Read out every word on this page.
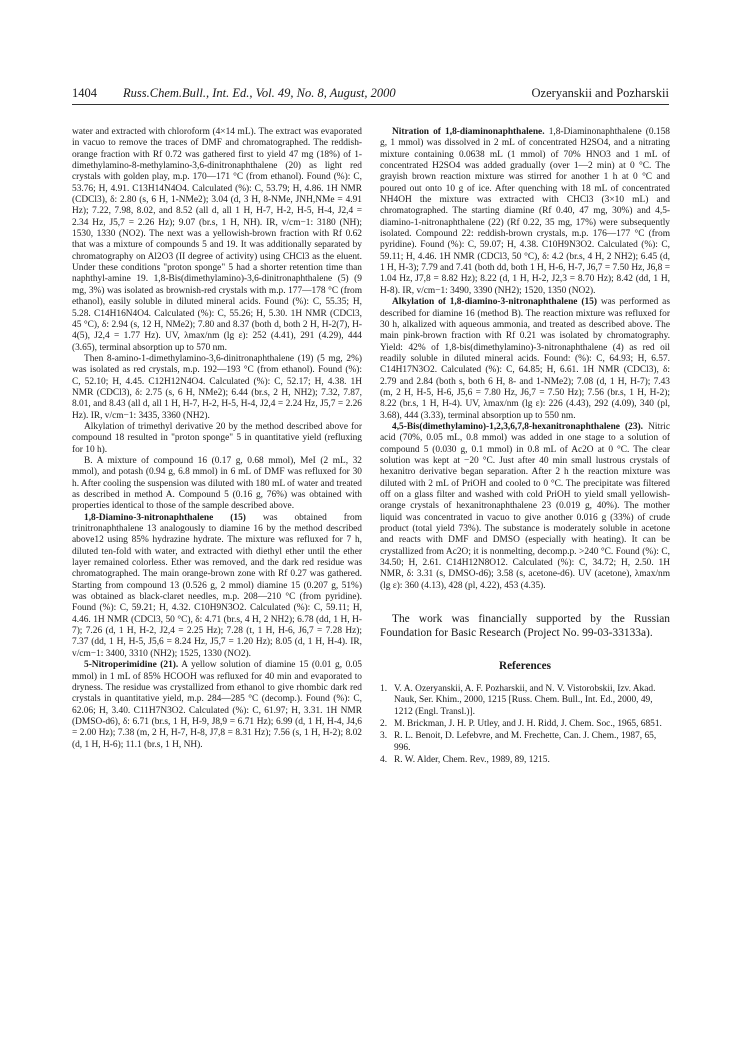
1404 Russ.Chem.Bull., Int. Ed., Vol. 49, No. 8, August, 2000	Ozeryanskii and Pozharskii

water and extracted with chloroform (4×14 mL). The extract was evaporated in vacuo to remove the traces of DMF and chromatographed. The reddish-orange fraction with Rf 0.72 was gathered first to yield 47 mg (18%) of 1-dimethylamino-8-methylamino-3,6-dinitronaphthalene (20) as light red crystals with golden play, m.p. 170—171 °C (from ethanol). Found (%): C, 53.76; H, 4.91. C13H14N4O4. Calculated (%): C, 53.79; H, 4.86. 1H NMR (CDCl3), δ: 2.80 (s, 6 H, 1-NMe2); 3.04 (d, 3 H, 8-NMe, JNH,NMe = 4.91 Hz); 7.22, 7.98, 8.02, and 8.52 (all d, all 1 H, H-7, H-2, H-5, H-4, J2,4 = 2.34 Hz, J5,7 = 2.26 Hz); 9.07 (br.s, 1 H, NH). IR, v/cm−1: 3180 (NH); 1530, 1330 (NO2). The next was a yellowish-brown fraction with Rf 0.62 that was a mixture of compounds 5 and 19. It was additionally separated by chromatography on Al2O3 (II degree of activity) using CHCl3 as the eluent. Under these conditions "proton sponge" 5 had a shorter retention time than naphthyl-amine 19. 1,8-Bis(dimethylamino)-3,6-dinitronaphthalene (5) (9 mg, 3%) was isolated as brownish-red crystals with m.p. 177—178 °C (from ethanol), easily soluble in diluted mineral acids. Found (%): C, 55.35; H, 5.28. C14H16N4O4. Calculated (%): C, 55.26; H, 5.30. 1H NMR (CDCl3, 45 °C), δ: 2.94 (s, 12 H, NMe2); 7.80 and 8.37 (both d, both 2 H, H-2(7), H-4(5), J2,4 = 1.77 Hz). UV, λmax/nm (lg ε): 252 (4.41), 291 (4.29), 444 (3.65), terminal absorption up to 570 nm.

Then 8-amino-1-dimethylamino-3,6-dinitronaphthalene (19) (5 mg, 2%) was isolated as red crystals, m.p. 192—193 °C (from ethanol). Found (%): C, 52.10; H, 4.45. C12H12N4O4. Calculated (%): C, 52.17; H, 4.38. 1H NMR (CDCl3), δ: 2.75 (s, 6 H, NMe2); 6.44 (br.s, 2 H, NH2); 7.32, 7.87, 8.01, and 8.43 (all d, all 1 H, H-7, H-2, H-5, H-4, J2,4 = 2.24 Hz, J5,7 = 2.26 Hz). IR, v/cm−1: 3435, 3360 (NH2).

Alkylation of trimethyl derivative 20 by the method described above for compound 18 resulted in "proton sponge" 5 in quantitative yield (refluxing for 10 h).

B. A mixture of compound 16 (0.17 g, 0.68 mmol), MeI (2 mL, 32 mmol), and potash (0.94 g, 6.8 mmol) in 6 mL of DMF was refluxed for 30 h. After cooling the suspension was diluted with 180 mL of water and treated as described in method A. Compound 5 (0.16 g, 76%) was obtained with properties identical to those of the sample described above.

1,8-Diamino-3-nitronaphthalene (15) was obtained from trinitronaphthalene 13 analogously to diamine 16 by the method described above12 using 85% hydrazine hydrate. The mixture was refluxed for 7 h, diluted ten-fold with water, and extracted with diethyl ether until the ether layer remained colorless. Ether was removed, and the dark red residue was chromatographed. The main orange-brown zone with Rf 0.27 was gathered. Starting from compound 13 (0.526 g, 2 mmol) diamine 15 (0.207 g, 51%) was obtained as black-claret needles, m.p. 208—210 °C (from pyridine). Found (%): C, 59.21; H, 4.32. C10H9N3O2. Calculated (%): C, 59.11; H, 4.46. 1H NMR (CDCl3, 50 °C), δ: 4.71 (br.s, 4 H, 2 NH2); 6.78 (dd, 1 H, H-7); 7.26 (d, 1 H, H-2, J2,4 = 2.25 Hz); 7.28 (t, 1 H, H-6, J6,7 = 7.28 Hz); 7.37 (dd, 1 H, H-5, J5,6 = 8.24 Hz, J5,7 = 1.20 Hz); 8.05 (d, 1 H, H-4). IR, v/cm−1: 3400, 3310 (NH2); 1525, 1330 (NO2).

5-Nitroperimidine (21). A yellow solution of diamine 15 (0.01 g, 0.05 mmol) in 1 mL of 85% HCOOH was refluxed for 40 min and evaporated to dryness. The residue was crystallized from ethanol to give rhombic dark red crystals in quantitative yield, m.p. 284—285 °C (decomp.). Found (%): C, 62.06; H, 3.40. C11H7N3O2. Calculated (%): C, 61.97; H, 3.31. 1H NMR (DMSO-d6), δ: 6.71 (br.s, 1 H, H-9, J8,9 = 6.71 Hz); 6.99 (d, 1 H, H-4, J4,6 = 2.00 Hz); 7.38 (m, 2 H, H-7, H-8, J7,8 = 8.31 Hz); 7.56 (s, 1 H, H-2); 8.02 (d, 1 H, H-6); 11.1 (br.s, 1 H, NH).

Nitration of 1,8-diaminonaphthalene. 1,8-Diaminonaphthalene (0.158 g, 1 mmol) was dissolved in 2 mL of concentrated H2SO4, and a nitrating mixture containing 0.0638 mL (1 mmol) of 70% HNO3 and 1 mL of concentrated H2SO4 was added gradually (over 1—2 min) at 0 °C. The grayish brown reaction mixture was stirred for another 1 h at 0 °C and poured out onto 10 g of ice. After quenching with 18 mL of concentrated NH4OH the mixture was extracted with CHCl3 (3×10 mL) and chromatographed. The starting diamine (Rf 0.40, 47 mg, 30%) and 4,5-diamino-1-nitronaphthalene (22) (Rf 0.22, 35 mg, 17%) were subsequently isolated. Compound 22: reddish-brown crystals, m.p. 176—177 °C (from pyridine). Found (%): C, 59.07; H, 4.38. C10H9N3O2. Calculated (%): C, 59.11; H, 4.46. 1H NMR (CDCl3, 50 °C), δ: 4.2 (br.s, 4 H, 2 NH2); 6.45 (d, 1 H, H-3); 7.79 and 7.41 (both dd, both 1 H, H-6, H-7, J6,7 = 7.50 Hz, J6,8 = 1.04 Hz, J7,8 = 8.82 Hz); 8.22 (d, 1 H, H-2, J2,3 = 8.70 Hz); 8.42 (dd, 1 H, H-8). IR, v/cm−1: 3490, 3390 (NH2); 1520, 1350 (NO2).

Alkylation of 1,8-diamino-3-nitronaphthalene (15) was performed as described for diamine 16 (method B). The reaction mixture was refluxed for 30 h, alkalized with aqueous ammonia, and treated as described above. The main pink-brown fraction with Rf 0.21 was isolated by chromatography. Yield: 42% of 1,8-bis(dimethylamino)-3-nitronaphthalene (4) as red oil readily soluble in diluted mineral acids. Found: (%): C, 64.93; H, 6.57. C14H17N3O2. Calculated (%): C, 64.85; H, 6.61. 1H NMR (CDCl3), δ: 2.79 and 2.84 (both s, both 6 H, 8- and 1-NMe2); 7.08 (d, 1 H, H-7); 7.43 (m, 2 H, H-5, H-6, J5,6 = 7.80 Hz, J6,7 = 7.50 Hz); 7.56 (br.s, 1 H, H-2); 8.22 (br.s, 1 H, H-4). UV, λmax/nm (lg ε): 226 (4.43), 292 (4.09), 340 (pl, 3.68), 444 (3.33), terminal absorption up to 550 nm.

4,5-Bis(dimethylamino)-1,2,3,6,7,8-hexanitronaphthalene (23). Nitric acid (70%, 0.05 mL, 0.8 mmol) was added in one stage to a solution of compound 5 (0.030 g, 0.1 mmol) in 0.8 mL of Ac2O at 0 °C. The clear solution was kept at −20 °C. Just after 40 min small lustrous crystals of hexanitro derivative began separation. After 2 h the reaction mixture was diluted with 2 mL of PriOH and cooled to 0 °C. The precipitate was filtered off on a glass filter and washed with cold PriOH to yield small yellowish-orange crystals of hexanitronaphthalene 23 (0.019 g, 40%). The mother liquid was concentrated in vacuo to give another 0.016 g (33%) of crude product (total yield 73%). The substance is moderately soluble in acetone and reacts with DMF and DMSO (especially with heating). It can be crystallized from Ac2O; it is nonmelting, decomp.p. >240 °C. Found (%): C, 34.50; H, 2.61. C14H12N8O12. Calculated (%): C, 34.72; H, 2.50. 1H NMR, δ: 3.31 (s, DMSO-d6); 3.58 (s, acetone-d6). UV (acetone), λmax/nm (lg ε): 360 (4.13), 428 (pl, 4.22), 453 (4.35).

The work was financially supported by the Russian Foundation for Basic Research (Project No. 99-03-33133a).

References
1. V. A. Ozeryanskii, A. F. Pozharskii, and N. V. Vistorobskii, Izv. Akad. Nauk, Ser. Khim., 2000, 1215 [Russ. Chem. Bull., Int. Ed., 2000, 49, 1212 (Engl. Transl.)].
2. M. Brickman, J. H. P. Utley, and J. H. Ridd, J. Chem. Soc., 1965, 6851.
3. R. L. Benoit, D. Lefebvre, and M. Frechette, Can. J. Chem., 1987, 65, 996.
4. R. W. Alder, Chem. Rev., 1989, 89, 1215.
